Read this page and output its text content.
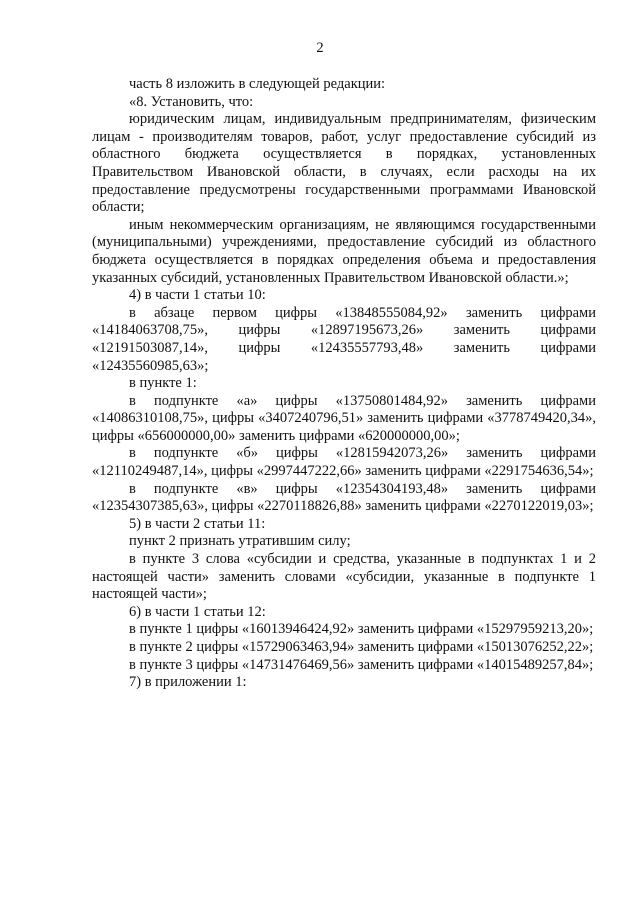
2

часть 8 изложить в следующей редакции:

«8. Установить, что:

юридическим лицам, индивидуальным предпринимателям, физическим лицам - производителям товаров, работ, услуг предоставление субсидий из областного бюджета осуществляется в порядках, установленных Правительством Ивановской области, в случаях, если расходы на их предоставление предусмотрены государственными программами Ивановской области;

иным некоммерческим организациям, не являющимся государственными (муниципальными) учреждениями, предоставление субсидий из областного бюджета осуществляется в порядках определения объема и предоставления указанных субсидий, установленных Правительством Ивановской области.»;

4) в части 1 статьи 10:

в абзаце первом цифры «13848555084,92» заменить цифрами «14184063708,75», цифры «12897195673,26» заменить цифрами «12191503087,14», цифры «12435557793,48» заменить цифрами «12435560985,63»;

в пункте 1:

в подпункте «а» цифры «13750801484,92» заменить цифрами «14086310108,75», цифры «3407240796,51» заменить цифрами «3778749420,34», цифры «656000000,00» заменить цифрами «620000000,00»;

в подпункте «б» цифры «12815942073,26» заменить цифрами «12110249487,14», цифры «2997447222,66» заменить цифрами «2291754636,54»;

в подпункте «в» цифры «12354304193,48» заменить цифрами «12354307385,63», цифры «2270118826,88» заменить цифрами «2270122019,03»;

5) в части 2 статьи 11:

пункт 2 признать утратившим силу;

в пункте 3 слова «субсидии и средства, указанные в подпунктах 1 и 2 настоящей части» заменить словами «субсидии, указанные в подпункте 1 настоящей части»;

6) в части 1 статьи 12:

в пункте 1 цифры «16013946424,92» заменить цифрами «15297959213,20»;

в пункте 2 цифры «15729063463,94» заменить цифрами «15013076252,22»;

в пункте 3 цифры «14731476469,56» заменить цифрами «14015489257,84»;

7) в приложении 1:
